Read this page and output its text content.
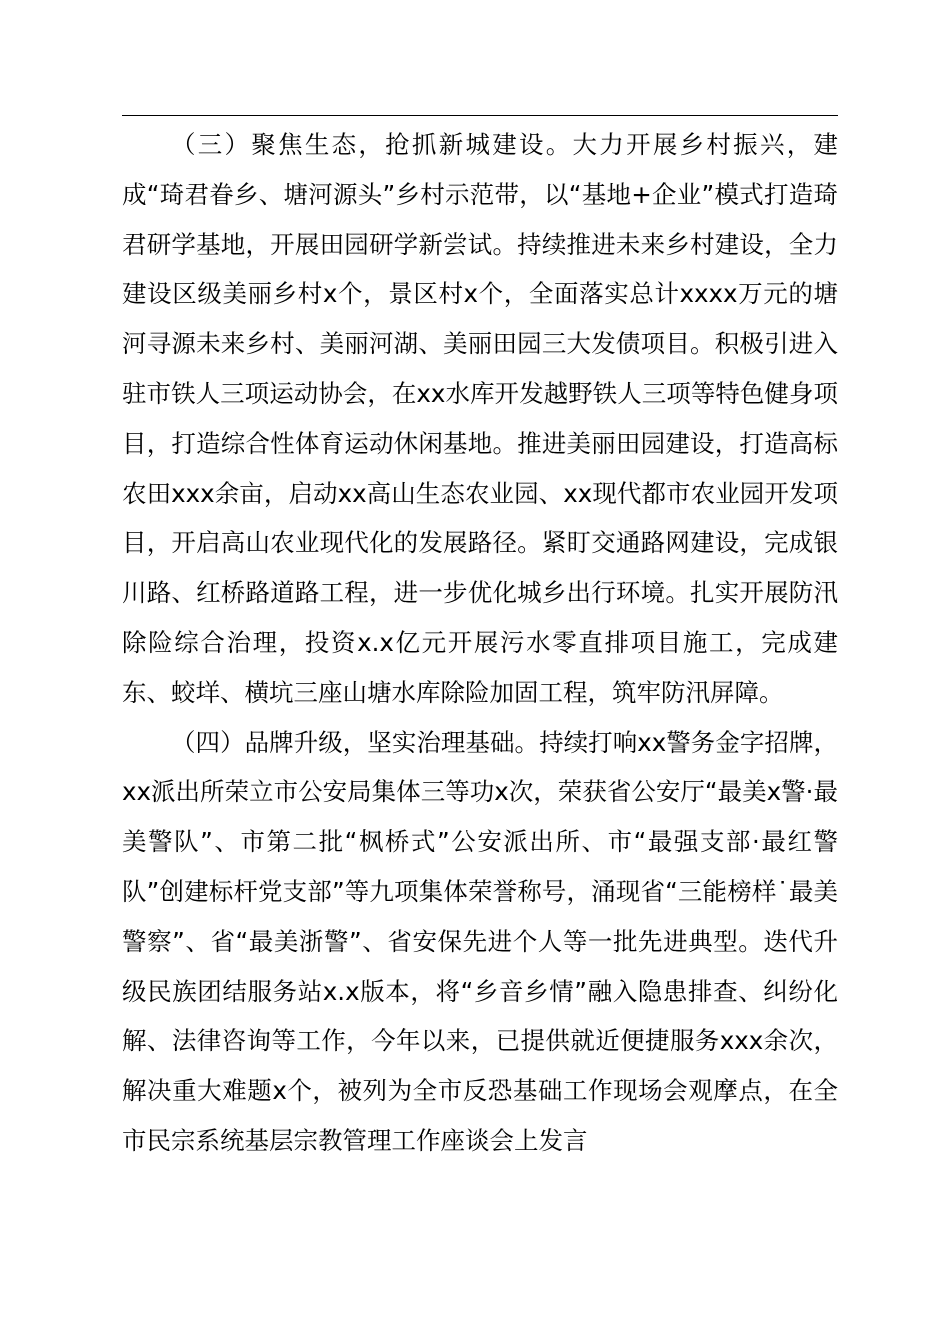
（三）聚焦生态，抢抓新城建设。大力开展乡村振兴，建成“琦君眷乡、塘河源头”乡村示范带，以“基地+企业”模式打造琦君研学基地，开展田园研学新尝试。持续推进未来乡村建设，全力建设区级美丽乡村x个，景区村x个，全面落实总计xxxx万元的塘河寻源未来乡村、美丽河湖、美丽田园三大发债项目。积极引进入驻市铁人三项运动协会，在xx水库开发越野铁人三项等特色健身项目，打造综合性体育运动休闲基地。推进美丽田园建设，打造高标农田xxx余亩，启动xx高山生态农业园、xx现代都市农业园开发项目，开启高山农业现代化的发展路径。紧盯交通路网建设，完成银川路、红桥路道路工程，进一步优化城乡出行环境。扎实开展防汛除险综合治理，投资x.x亿元开展污水零直排项目施工，完成建东、蛟垟、横坑三座山塘水库除险加固工程，筑牢防汛屏障。

（四）品牌升级，坚实治理基础。持续打响xx警务金字招牌，xx派出所荣立市公安局集体三等功x次，荣获省公安厅“最美x警·最美警队”、市第二批“枫桥式”公安派出所、市“最强支部·最红警队”创建标杆党支部”等九项集体荣誉称号，涌现省“三能榜样˙最美警察”、省“最美浙警”、省安保先进个人等一批先进典型。迭代升级民族团结服务站x.x版本，将“乡音乡情”融入隐患排查、纠纷化解、法律咨询等工作，今年以来，已提供就近便捷服务xxx余次，解决重大难题x个，被列为全市反恐基础工作现场会观摩点，在全市民宗系统基层宗教管理工作座谈会上发言
